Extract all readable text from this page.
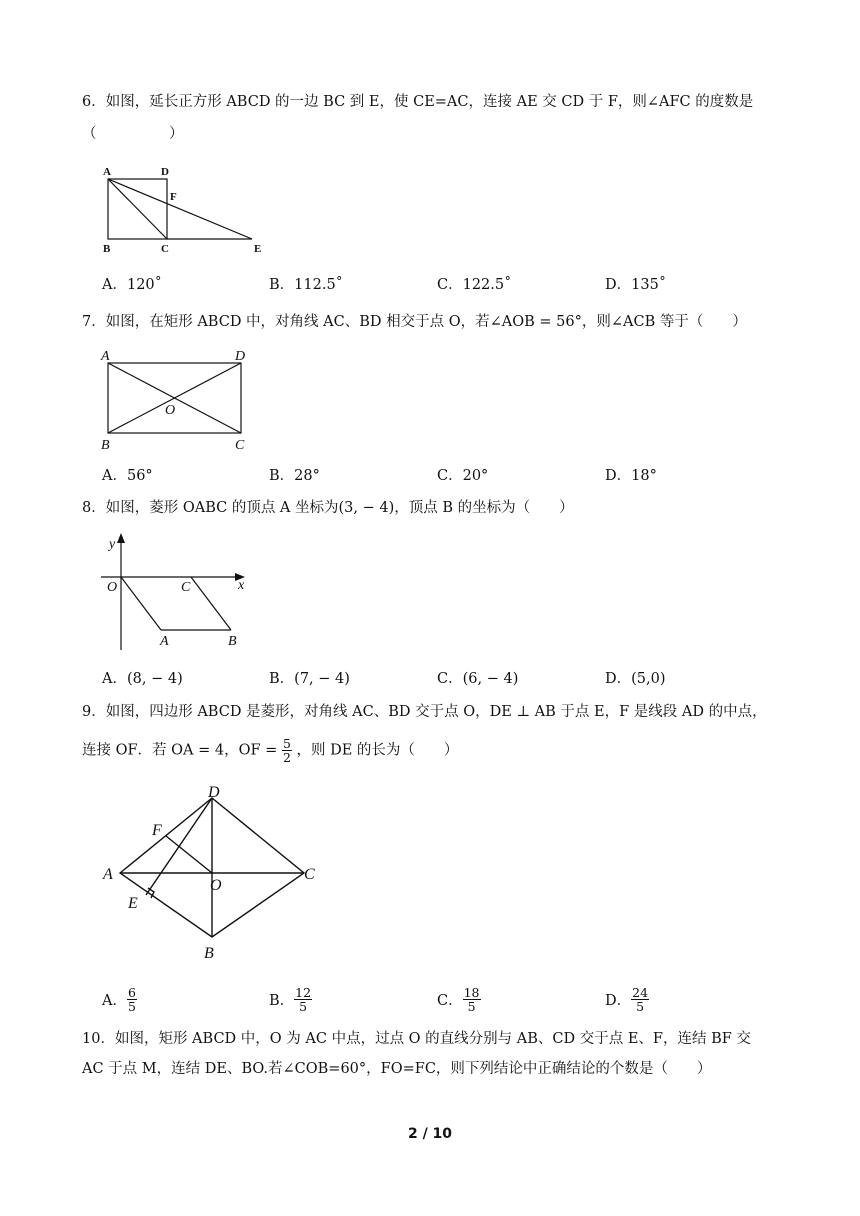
6．如图，延长正方形 ABCD 的一边 BC 到 E，使 CE=AC，连接 AE 交 CD 于 F，则∠AFC 的度数是
（　　　　　）
A	D
F
B	C	E
A．120˚	B．112.5˚	C．122.5˚	D．135˚
7．如图，在矩形 ABCD 中，对角线 AC、BD 相交于点 O，若∠AOB = 56°，则∠ACB 等于（　　）
A	D
O
B	C
A．56°	B．28°	C．20°	D．18°
8．如图，菱形 OABC 的顶点 A 坐标为(3, − 4)，顶点 B 的坐标为（　　）
y
x
O	C
A	B
A．(8, − 4)	B．(7, − 4)	C．(6, − 4)	D．(5,0)
9．如图，四边形 ABCD 是菱形，对角线 AC、BD 交于点 O，DE ⊥ AB 于点 E，F 是线段 AD 的中点，
连接 OF．若 OA = 4，OF = $\frac{5}{2}$ ，则 DE 的长为（　　）
A
D
F
C
O
E
B
A． $\frac{6}{5}$	B． $\frac{12}{5}$	C． $\frac{18}{5}$	D． $\frac{24}{5}$
10．如图，矩形 ABCD 中，O 为 AC 中点，过点 O 的直线分别与 AB、CD 交于点 E、F，连结 BF 交
AC 于点 M，连结 DE、BO.若∠COB=60°，FO=FC，则下列结论中正确结论的个数是（　　）
2 / 10
